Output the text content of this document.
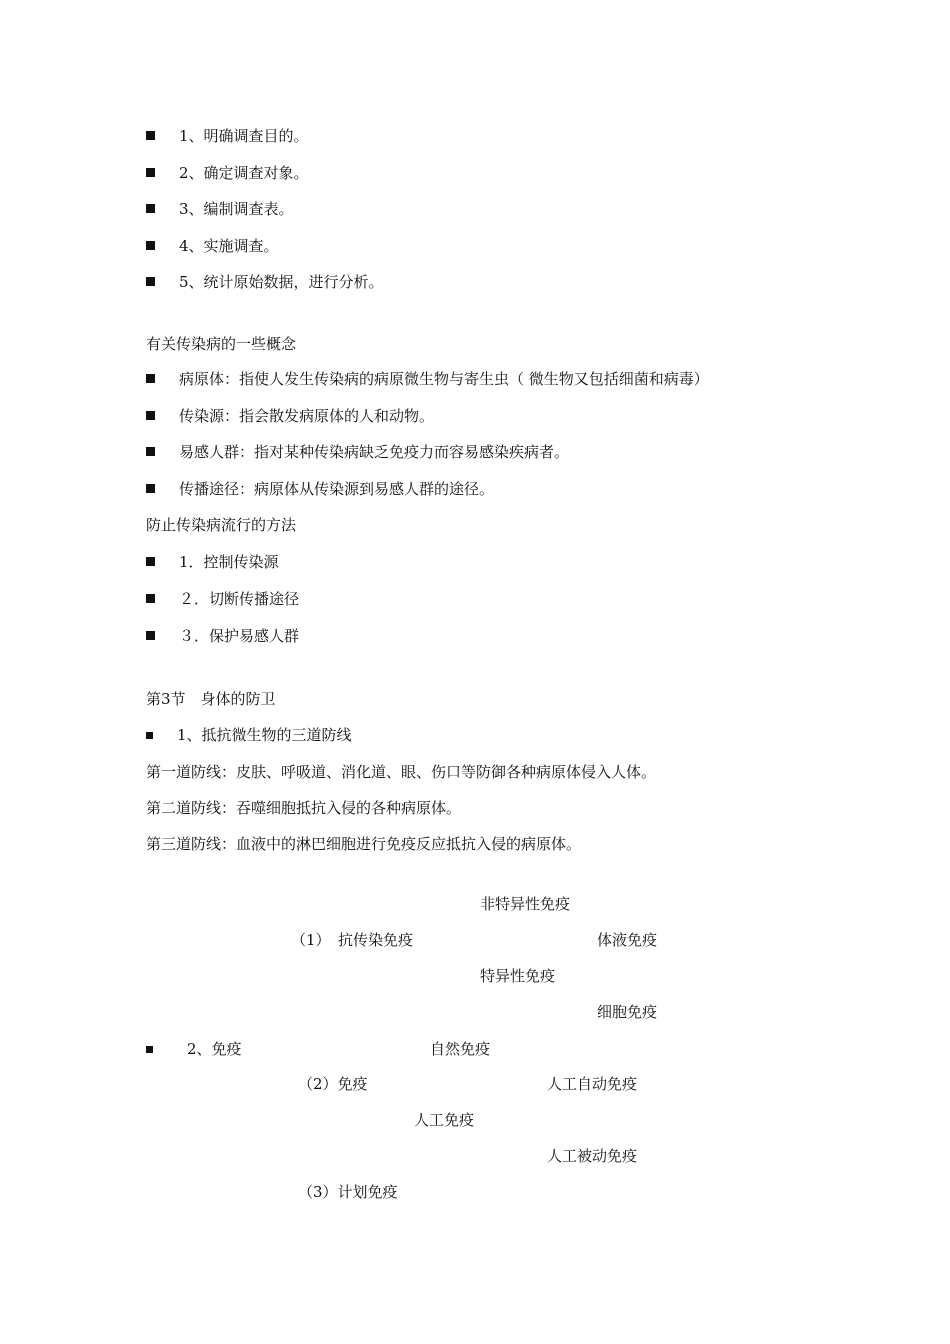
1、明确调查目的。
2、确定调查对象。
3、编制调查表。
4、实施调查。
5、统计原始数据，进行分析。
有关传染病的一些概念
病原体：指使人发生传染病的病原微生物与寄生虫（ 微生物又包括细菌和病毒）
传染源：指会散发病原体的人和动物。
易感人群：指对某种传染病缺乏免疫力而容易感染疾病者。
传播途径：病原体从传染源到易感人群的途径。
防止传染病流行的方法
1．控制传染源
２．切断传播途径
３．保护易感人群
第3节　身体的防卫
1、抵抗微生物的三道防线
第一道防线：皮肤、呼吸道、消化道、眼、伤口等防御各种病原体侵入人体。
第二道防线：吞噬细胞抵抗入侵的各种病原体。
第三道防线：血液中的淋巴细胞进行免疫反应抵抗入侵的病原体。
非特异性免疫
（1）　抗传染免疫	体液免疫
特异性免疫
细胞免疫
2、免疫	自然免疫
（2）免疫	人工自动免疫
人工免疫
人工被动免疫
（3）计划免疫
